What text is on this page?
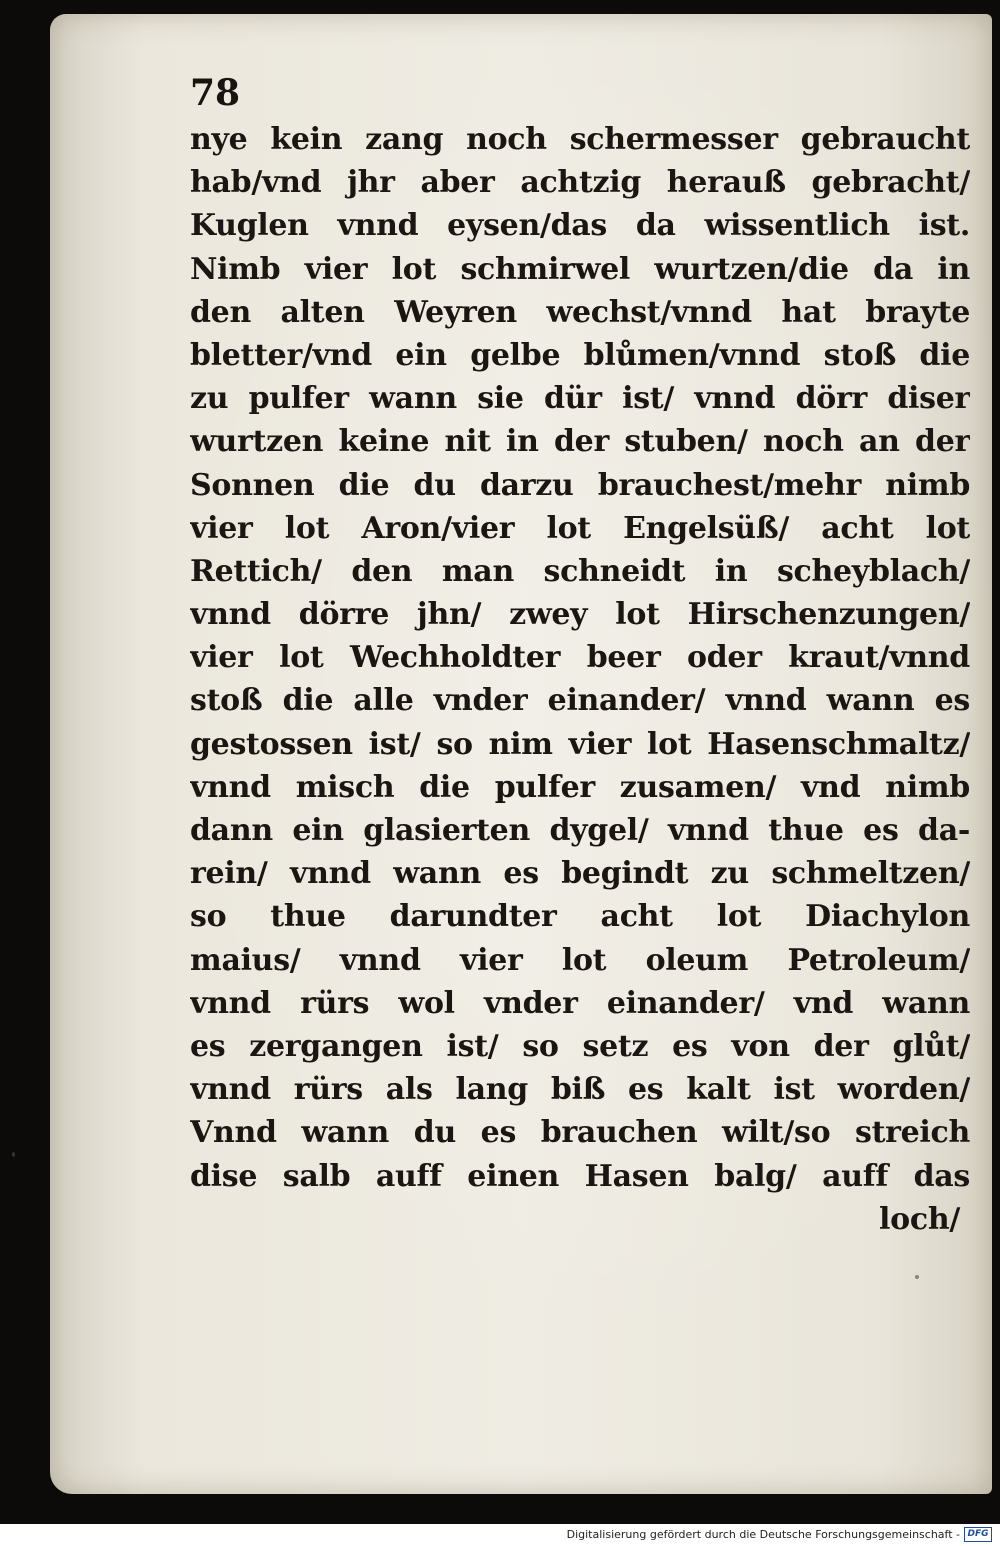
78
nye kein zang noch schermesser gebraucht
hab/vnd jhr aber achtzig herauß gebracht/
Kuglen vnnd eysen/das da wissentlich ist.
Nimb vier lot schmirwel wurtzen/die da in
den alten Weyren wechst/vnnd hat brayte
bletter/vnd ein gelbe blůmen/vnnd stoß die
zu pulfer wann sie dür ist/ vnnd dörr diser
wurtzen keine nit in der stuben/ noch an der
Sonnen die du darzu brauchest/mehr nimb
vier lot Aron/vier lot Engelsüß/ acht lot
Rettich/ den man schneidt in scheyblach/
vnnd dörre jhn/ zwey lot Hirschenzungen/
vier lot Wechholdter beer oder kraut/vnnd
stoß die alle vnder einander/ vnnd wann es
gestossen ist/ so nim vier lot Hasenschmaltz/
vnnd misch die pulfer zusamen/ vnd nimb
dann ein glasierten dygel/ vnnd thue es da-
rein/ vnnd wann es begindt zu schmeltzen/
so thue darundter acht lot Diachylon
maius/ vnnd vier lot oleum Petroleum/
vnnd rürs wol vnder einander/ vnd wann
es zergangen ist/ so setz es von der glůt/
vnnd rürs als lang biß es kalt ist worden/
Vnnd wann du es brauchen wilt/so streich
dise salb auff einen Hasen balg/ auff das
loch/
Digitalisierung gefördert durch die Deutsche Forschungsgemeinschaft - DFG
